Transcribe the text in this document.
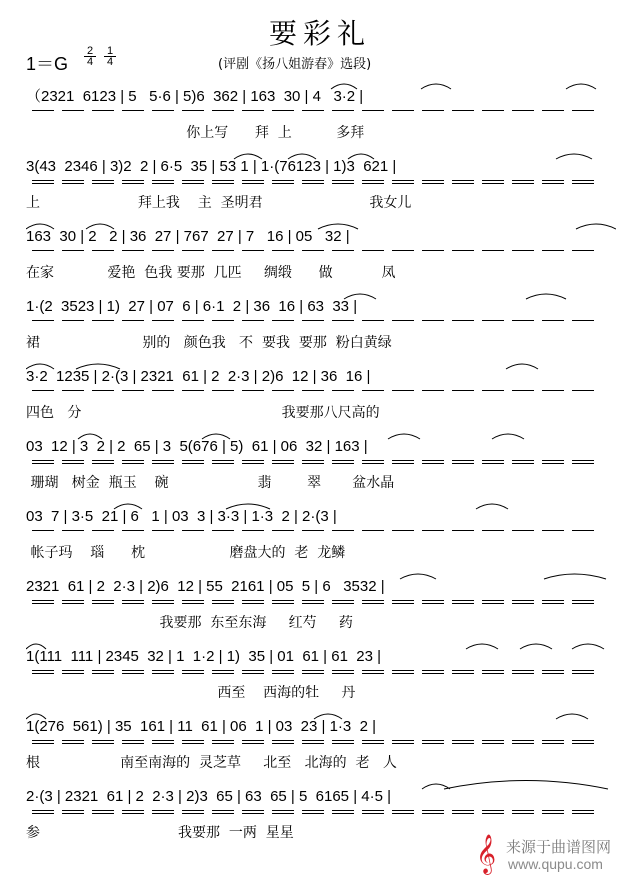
要彩礼
$1=G \frac{2}{4} \frac{1}{4}$	(评剧《扬八姐游春》选段)
（2321  6123 | 5   5·6 | 5)6  362 | 163  30 | 4   3·2 |
你上写      拜  上          多拜
3(43  2346 | 3)2  2 | 6·5  35 | 53 1 | 1·(76123 | 1)3  621 |
上                      拜上我    主  圣明君                        我女儿
163  30 | 2   2 | 36  27 | 767  27 | 7   16 | 05   32 |
在家            爱艳  色我 要那  几匹     绸缎      做           凤
1·(2  3523 | 1)  27 | 07  6 | 6·1  2 | 36  16 | 63  33 |
裙                       别的   颜色我   不  要我  要那  粉白黄绿
3·2  1235 | 2·(3 | 2321  61 | 2  2·3 | 2)6  12 | 36  16 |
四色   分                                             我要那八尺高的
03  12 | 3  2 | 2  65 | 3  5(676 | 5)  61 | 06  32 | 163 |
珊瑚   树金  瓶玉    碗                    翡        翠       盆水晶
03  7 | 3·5  21 | 6   1 | 03  3 | 3·3 | 1·3  2 | 2·(3 |
帐子玛    瑙      枕                   磨盘大的  老  龙鳞
2321  61 | 2  2·3 | 2)6  12 | 55  2161 | 05  5 | 6   3532 |
我要那  东至东海     红芍     药
1(111  111 | 2345  32 | 1  1·2 | 1)  35 | 01  61 | 61  23 |
西至    西海的牡     丹
1(276  561) | 35  161 | 11  61 | 06  1 | 03  23 | 1·3  2 |
根                  南至南海的  灵芝草     北至   北海的  老   人
2·(3 | 2321  61 | 2  2·3 | 2)3  65 | 63  65 | 5  6165 | 4·5 |
参                               我要那  一两  星星
𝄞 来源于曲谱图网
www.qupu.com
